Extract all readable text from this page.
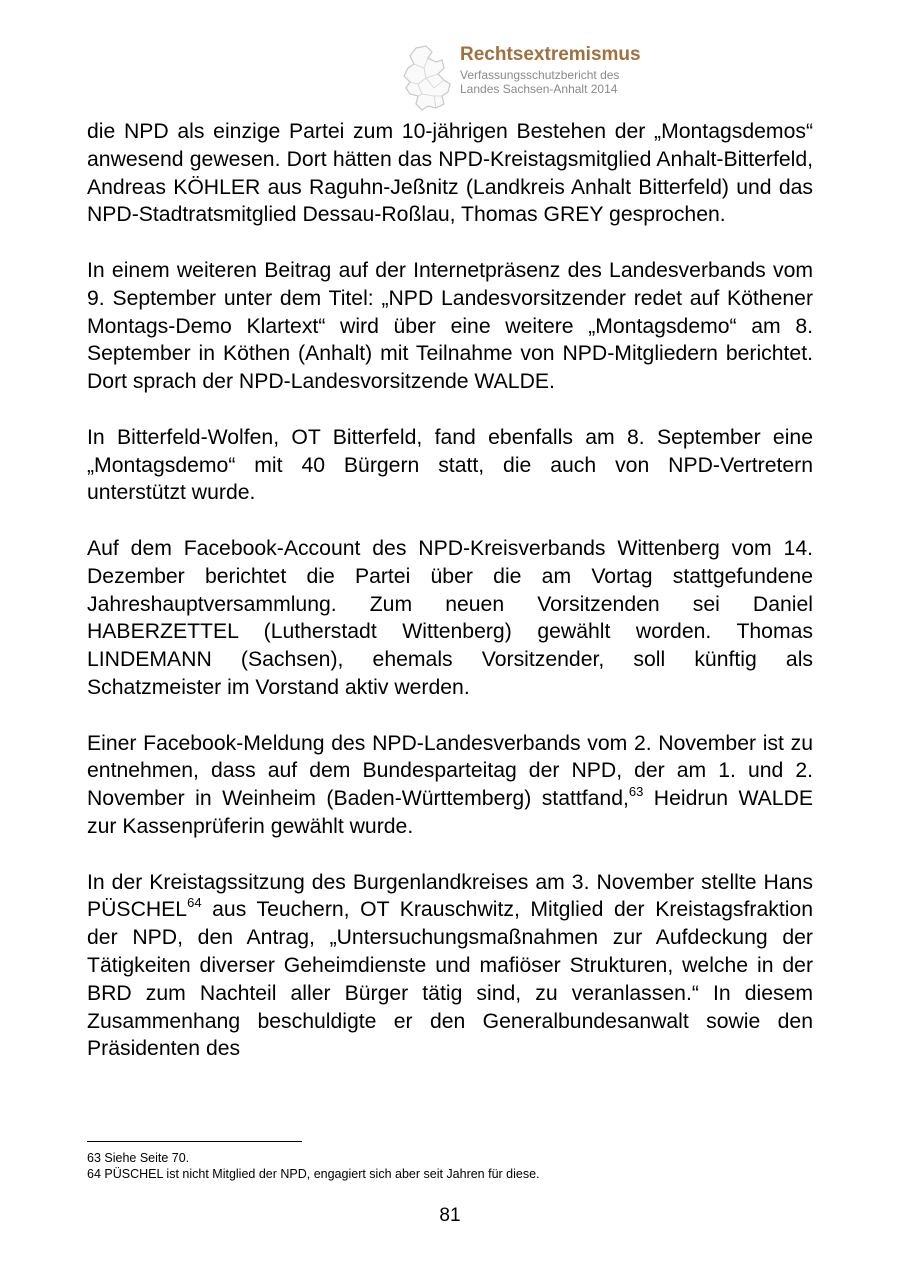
Rechtsextremismus
Verfassungsschutzbericht des
Landes Sachsen-Anhalt 2014

die NPD als einzige Partei zum 10-jährigen Bestehen der „Montagsdemos“ anwesend gewesen. Dort hätten das NPD-Kreistagsmitglied Anhalt-Bitterfeld, Andreas KÖHLER aus Raguhn-Jeßnitz (Landkreis Anhalt Bitterfeld) und das NPD-Stadtratsmitglied Dessau-Roßlau, Thomas GREY gesprochen.

In einem weiteren Beitrag auf der Internetpräsenz des Landesverbands vom 9. September unter dem Titel: „NPD Landesvorsitzender redet auf Köthener Montags-Demo Klartext“ wird über eine weitere „Montagsdemo“ am 8. September in Köthen (Anhalt) mit Teilnahme von NPD-Mitgliedern berichtet. Dort sprach der NPD-Landesvorsitzende WALDE.

In Bitterfeld-Wolfen, OT Bitterfeld, fand ebenfalls am 8. September eine „Montagsdemo“ mit 40 Bürgern statt, die auch von NPD-Vertretern unterstützt wurde.

Auf dem Facebook-Account des NPD-Kreisverbands Wittenberg vom 14. Dezember berichtet die Partei über die am Vortag stattgefundene Jahreshauptversammlung. Zum neuen Vorsitzenden sei Daniel HABERZETTEL (Lutherstadt Wittenberg) gewählt worden. Thomas LINDEMANN (Sachsen), ehemals Vorsitzender, soll künftig als Schatzmeister im Vorstand aktiv werden.

Einer Facebook-Meldung des NPD-Landesverbands vom 2. November ist zu entnehmen, dass auf dem Bundesparteitag der NPD, der am 1. und 2. November in Weinheim (Baden-Württemberg) stattfand,$^{63}$ Heidrun WALDE zur Kassenprüferin gewählt wurde.

In der Kreistagssitzung des Burgenlandkreises am 3. November stellte Hans PÜSCHEL$^{64}$ aus Teuchern, OT Krauschwitz, Mitglied der Kreistagsfraktion der NPD, den Antrag, „Untersuchungsmaßnahmen zur Aufdeckung der Tätigkeiten diverser Geheimdienste und mafiöser Strukturen, welche in der BRD zum Nachteil aller Bürger tätig sind, zu veranlassen.“ In diesem Zusammenhang beschuldigte er den Generalbundesanwalt sowie den Präsidenten des

63 Siehe Seite 70.
64 PÜSCHEL ist nicht Mitglied der NPD, engagiert sich aber seit Jahren für diese.
81
